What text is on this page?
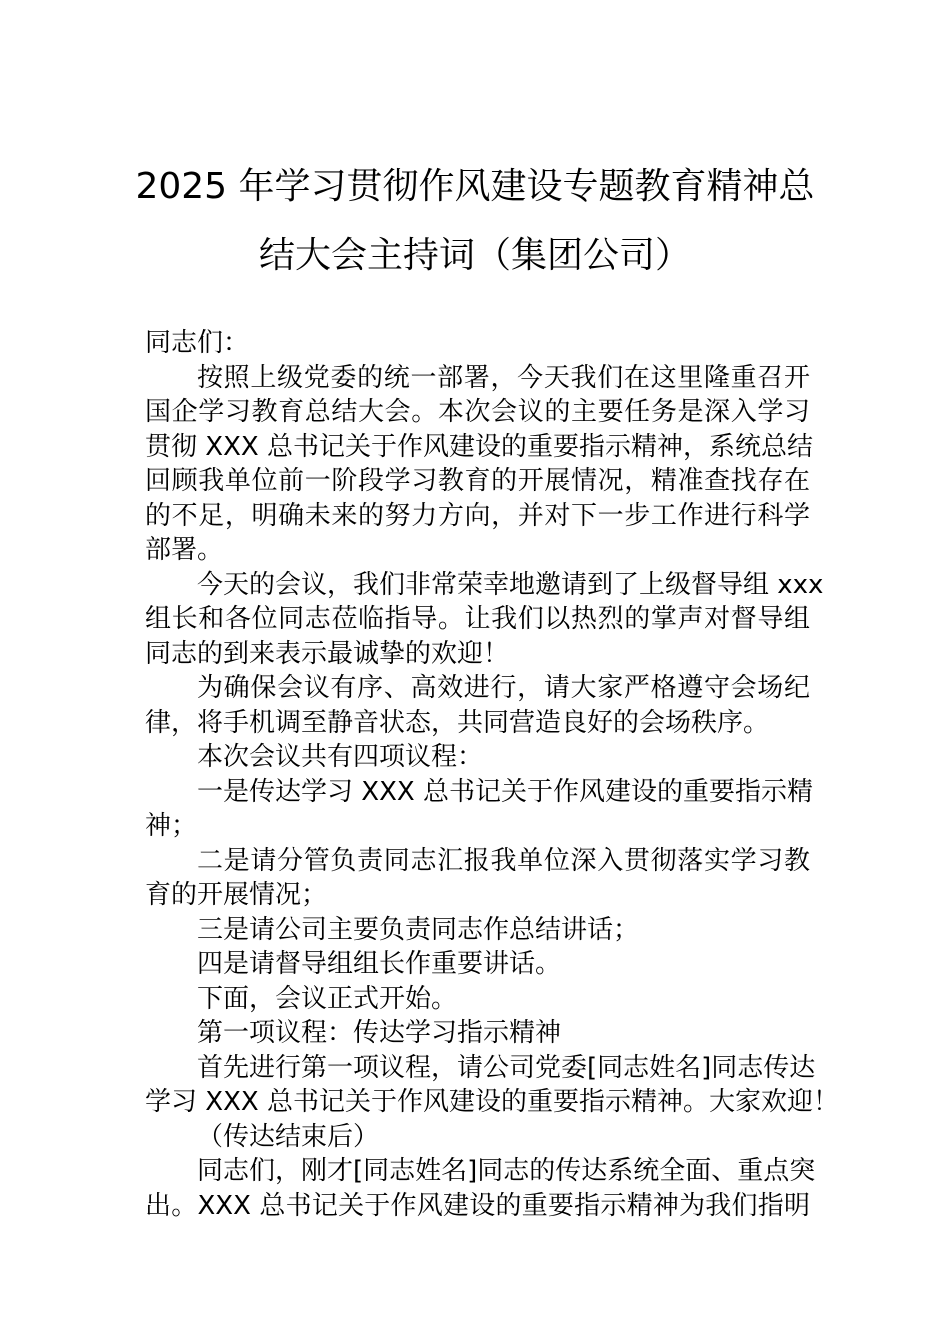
2025 年学习贯彻作风建设专题教育精神总
结大会主持词（集团公司）
同志们：
按照上级党委的统一部署，今天我们在这里隆重召开
国企学习教育总结大会。本次会议的主要任务是深入学习
贯彻 XXX 总书记关于作风建设的重要指示精神，系统总结
回顾我单位前一阶段学习教育的开展情况，精准查找存在
的不足，明确未来的努力方向，并对下一步工作进行科学
部署。
今天的会议，我们非常荣幸地邀请到了上级督导组 xxx
组长和各位同志莅临指导。让我们以热烈的掌声对督导组
同志的到来表示最诚挚的欢迎！
为确保会议有序、高效进行，请大家严格遵守会场纪
律，将手机调至静音状态，共同营造良好的会场秩序。
本次会议共有四项议程：
一是传达学习 XXX 总书记关于作风建设的重要指示精
神；
二是请分管负责同志汇报我单位深入贯彻落实学习教
育的开展情况；
三是请公司主要负责同志作总结讲话；
四是请督导组组长作重要讲话。
下面，会议正式开始。
第一项议程：传达学习指示精神
首先进行第一项议程，请公司党委[同志姓名]同志传达
学习 XXX 总书记关于作风建设的重要指示精神。大家欢迎！
（传达结束后）
同志们，刚才[同志姓名]同志的传达系统全面、重点突
出。XXX 总书记关于作风建设的重要指示精神为我们指明
